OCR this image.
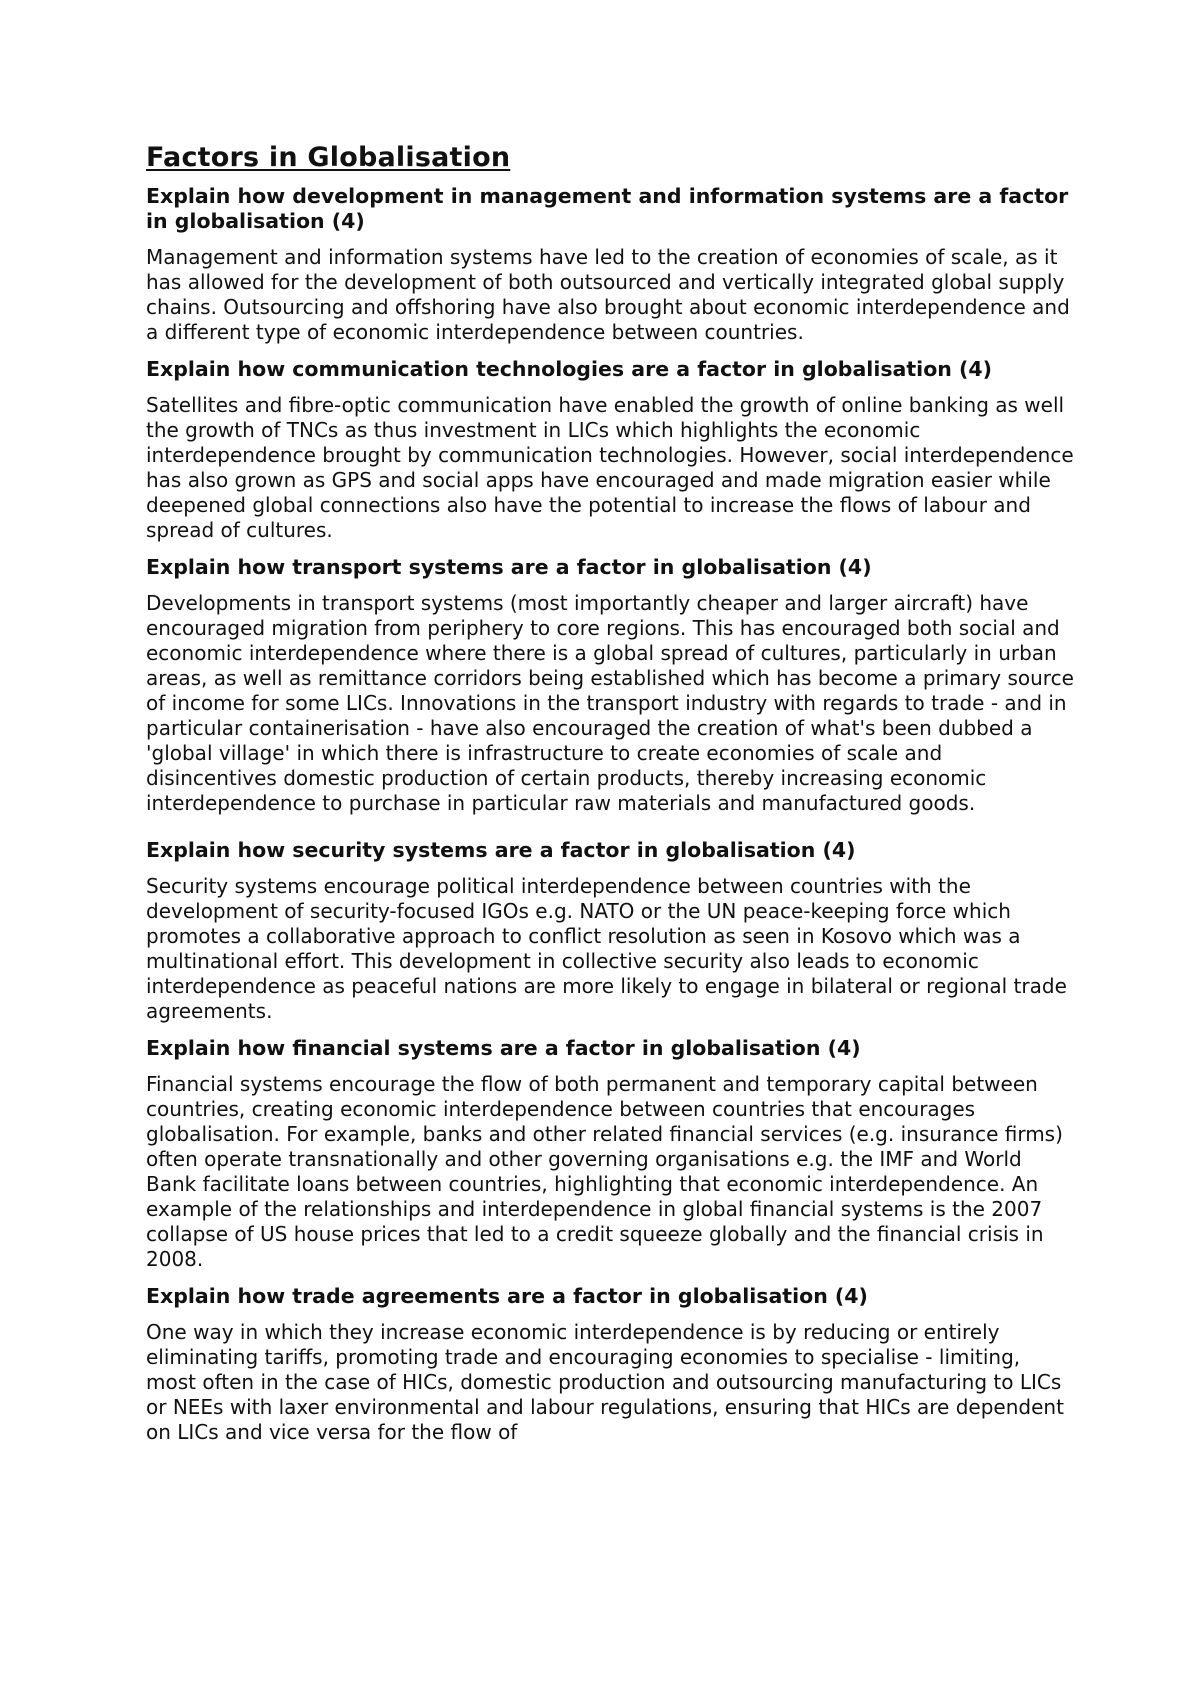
Factors in Globalisation

Explain how development in management and information systems are a factor in globalisation (4)

Management and information systems have led to the creation of economies of scale, as it has allowed for the development of both outsourced and vertically integrated global supply chains. Outsourcing and offshoring have also brought about economic interdependence and a different type of economic interdependence between countries.

Explain how communication technologies are a factor in globalisation (4)

Satellites and fibre-optic communication have enabled the growth of online banking as well the growth of TNCs as thus investment in LICs which highlights the economic interdependence brought by communication technologies. However, social interdependence has also grown as GPS and social apps have encouraged and made migration easier while deepened global connections also have the potential to increase the flows of labour and spread of cultures.

Explain how transport systems are a factor in globalisation (4)

Developments in transport systems (most importantly cheaper and larger aircraft) have encouraged migration from periphery to core regions. This has encouraged both social and economic interdependence where there is a global spread of cultures, particularly in urban areas, as well as remittance corridors being established which has become a primary source of income for some LICs. Innovations in the transport industry with regards to trade - and in particular containerisation - have also encouraged the creation of what's been dubbed a 'global village' in which there is infrastructure to create economies of scale and disincentives domestic production of certain products, thereby increasing economic interdependence to purchase in particular raw materials and manufactured goods.

Explain how security systems are a factor in globalisation (4)

Security systems encourage political interdependence between countries with the development of security-focused IGOs e.g. NATO or the UN peace-keeping force which promotes a collaborative approach to conflict resolution as seen in Kosovo which was a multinational effort. This development in collective security also leads to economic interdependence as peaceful nations are more likely to engage in bilateral or regional trade agreements.

Explain how financial systems are a factor in globalisation (4)

Financial systems encourage the flow of both permanent and temporary capital between countries, creating economic interdependence between countries that encourages globalisation. For example, banks and other related financial services (e.g. insurance firms) often operate transnationally and other governing organisations e.g. the IMF and World Bank facilitate loans between countries, highlighting that economic interdependence. An example of the relationships and interdependence in global financial systems is the 2007 collapse of US house prices that led to a credit squeeze globally and the financial crisis in 2008.

Explain how trade agreements are a factor in globalisation (4)

One way in which they increase economic interdependence is by reducing or entirely eliminating tariffs, promoting trade and encouraging economies to specialise - limiting, most often in the case of HICs, domestic production and outsourcing manufacturing to LICs or NEEs with laxer environmental and labour regulations, ensuring that HICs are dependent on LICs and vice versa for the flow of
